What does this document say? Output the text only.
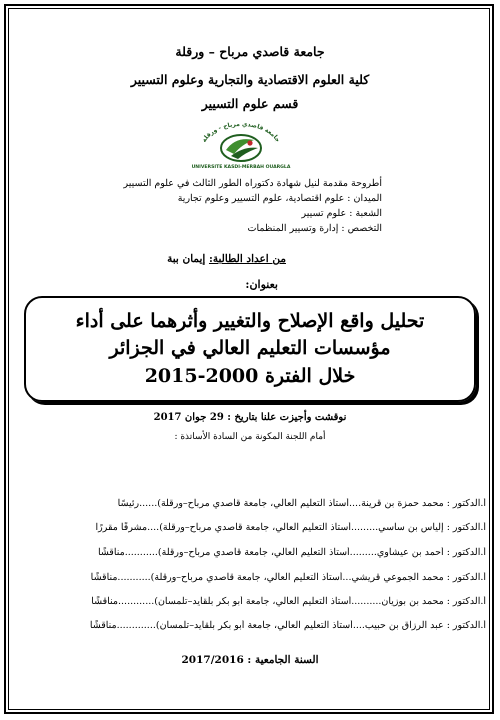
جامعة قاصدي مرباح – ورقلة
كلية العلوم الاقتصادية والتجارية وعلوم التسيير
قسم علوم التسيير
جامعة قاصدي مرباح - ورقلة
UNIVERSITE KASDI-MERBAH OUARGLA
أطروحة مقدمة لنيل شهادة دكتوراه الطور الثالث في علوم التسيير
الميدان : علوم اقتصادية، علوم التسيير وعلوم تجارية
الشعبة : علوم تسيير
التخصص : إدارة وتسيير المنظمات
من اعداد الطالبة: إيمان ببة
بعنوان:
تحليل واقع الإصلاح والتغيير وأثرهما على أداء
مؤسسات التعليم العالي في الجزائر
خلال الفترة 2000-2015
نوقشت وأجيزت علنا بتاريخ : 29 جوان 2017
أمام اللجنة المكونة من السادة الأساتذة :
أ.الدكتور : محمد حمزة بن قرينة....أستاذ التعليم العالي، جامعة قاصدي مرباح–ورقلة)......رئيسًا
أ.الدكتور : إلياس بن ساسي.........أستاذ التعليم العالي، جامعة قاصدي مرباح–ورقلة)....مشرفًا مقررًا
أ.الدكتور : أحمد بن عيشاوي.........أستاذ التعليم العالي، جامعة قاصدي مرباح–ورقلة)...........مناقشًا
أ.الدكتور : محمد الجموعي قريشي...أستاذ التعليم العالي، جامعة قاصدي مرباح–ورقلة)...........مناقشًا
أ.الدكتور : محمد بن بوزيان..........أستاذ التعليم العالي، جامعة أبو بكر بلقايد–تلمسان)............مناقشًا
أ.الدكتور : عبد الرزاق بن حبيب....أستاذ التعليم العالي، جامعة أبو بكر بلقايد–تلمسان).............مناقشًا
السنة الجامعية : 2017/2016
